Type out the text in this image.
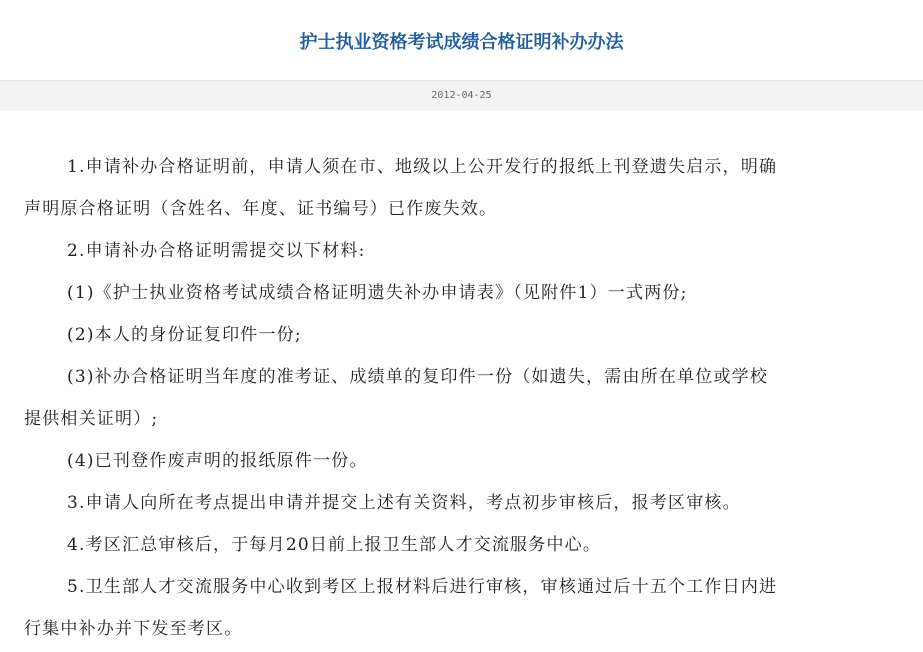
护士执业资格考试成绩合格证明补办办法
2012-04-25

1.申请补办合格证明前，申请人须在市、地级以上公开发行的报纸上刊登遗失启示，明确

声明原合格证明（含姓名、年度、证书编号）已作废失效。

2.申请补办合格证明需提交以下材料:

(1)《护士执业资格考试成绩合格证明遗失补办申请表》（见附件1）一式两份;

(2)本人的身份证复印件一份;

(3)补办合格证明当年度的准考证、成绩单的复印件一份（如遗失，需由所在单位或学校

提供相关证明）;

(4)已刊登作废声明的报纸原件一份。

3.申请人向所在考点提出申请并提交上述有关资料，考点初步审核后，报考区审核。

4.考区汇总审核后，于每月20日前上报卫生部人才交流服务中心。

5.卫生部人才交流服务中心收到考区上报材料后进行审核，审核通过后十五个工作日内进

行集中补办并下发至考区。
